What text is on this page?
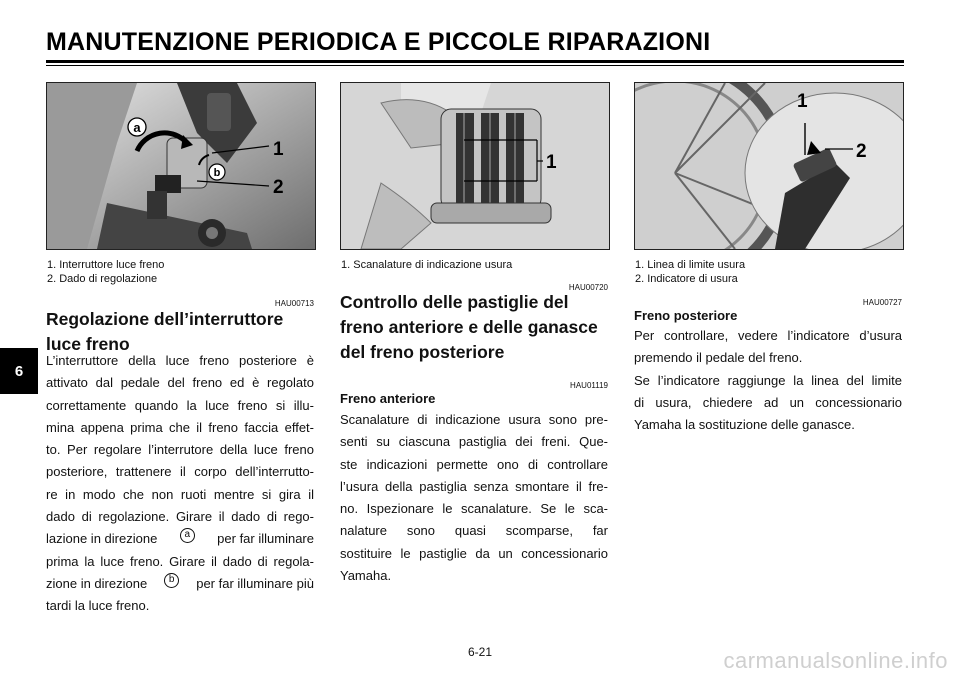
MANUTENZIONE PERIODICA E PICCOLE RIPARAZIONI
6
a
b
1
2
1. Interruttore luce freno
2. Dado di regolazione
1
1. Scanalature di indicazione usura
1
2
1. Linea di limite usura
2. Indicatore di usura
HAU00713
Regolazione dell’interruttore
luce freno
L’interruttore della luce freno posteriore è
attivato dal pedale del freno ed è regolato
correttamente quando la luce freno si illu-
mina appena prima che il freno faccia effet-
to. Per regolare l’interrutore della luce freno
posteriore, trattenere il corpo dell’interrutto-
re in modo che non ruoti mentre si gira il
dado di regolazione. Girare il dado di rego-
lazione in direzione	a	per far illuminare
prima la luce freno. Girare il dado di regola-
zione in direzione	b	per far illuminare più
tardi la luce freno.
HAU00720
Controllo delle pastiglie del
freno anteriore e delle ganasce
del freno posteriore
HAU01119
Freno anteriore
Scanalature di indicazione usura sono pre-
senti su ciascuna pastiglia dei freni. Que-
ste indicazioni permette ono di controllare
l’usura della pastiglia senza smontare il fre-
no. Ispezionare le scanalature. Se le sca-
nalature sono quasi scomparse, far
sostituire le pastiglie da un concessionario
Yamaha.
HAU00727
Freno posteriore
Per controllare, vedere l’indicatore d’usura
premendo il pedale del freno.
Se l’indicatore raggiunge la linea del limite
di usura, chiedere ad un concessionario
Yamaha la sostituzione delle ganasce.
6-21	carmanualsonline.info
